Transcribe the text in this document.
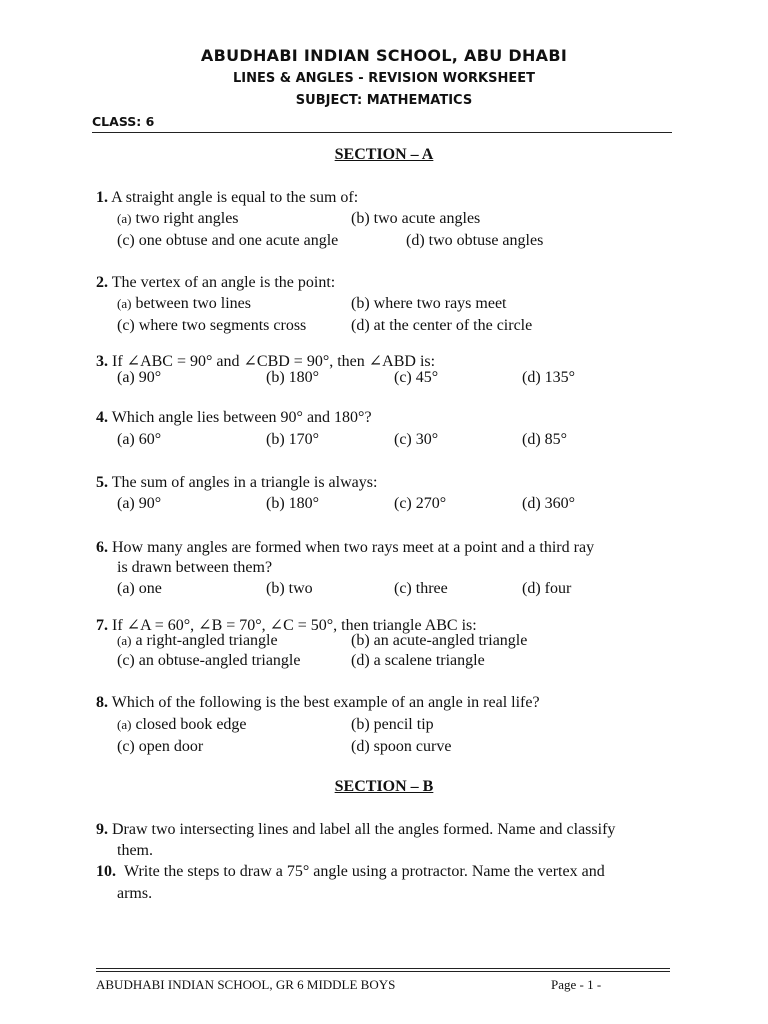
ABUDHABI INDIAN SCHOOL, ABU DHABI
LINES & ANGLES - REVISION WORKSHEET
SUBJECT: MATHEMATICS
CLASS: 6
SECTION – A
1. A straight angle is equal to the sum of:
(a) two right angles	(b) two acute angles
(c) one obtuse and one acute angle	(d) two obtuse angles
2. The vertex of an angle is the point:
(a) between two lines	(b) where two rays meet
(c) where two segments cross	(d) at the center of the circle
3. If ∠ABC = 90° and ∠CBD = 90°, then ∠ABD is:
(a) 90°	(b) 180°	(c) 45°	(d) 135°
4. Which angle lies between 90° and 180°?
(a) 60°	(b) 170°	(c) 30°	(d) 85°
5. The sum of angles in a triangle is always:
(a) 90°	(b) 180°	(c) 270°	(d) 360°
6. How many angles are formed when two rays meet at a point and a third ray
is drawn between them?
(a) one	(b) two	(c) three	(d) four
7. If ∠A = 60°, ∠B = 70°, ∠C = 50°, then triangle ABC is:
(a) a right-angled triangle	(b) an acute-angled triangle
(c) an obtuse-angled triangle	(d) a scalene triangle
8. Which of the following is the best example of an angle in real life?
(a) closed book edge	(b) pencil tip
(c) open door	(d) spoon curve
SECTION – B
9. Draw two intersecting lines and label all the angles formed. Name and classify
them.
10. Write the steps to draw a 75° angle using a protractor. Name the vertex and
arms.
ABUDHABI INDIAN SCHOOL, GR 6 MIDDLE BOYS	Page - 1 -
